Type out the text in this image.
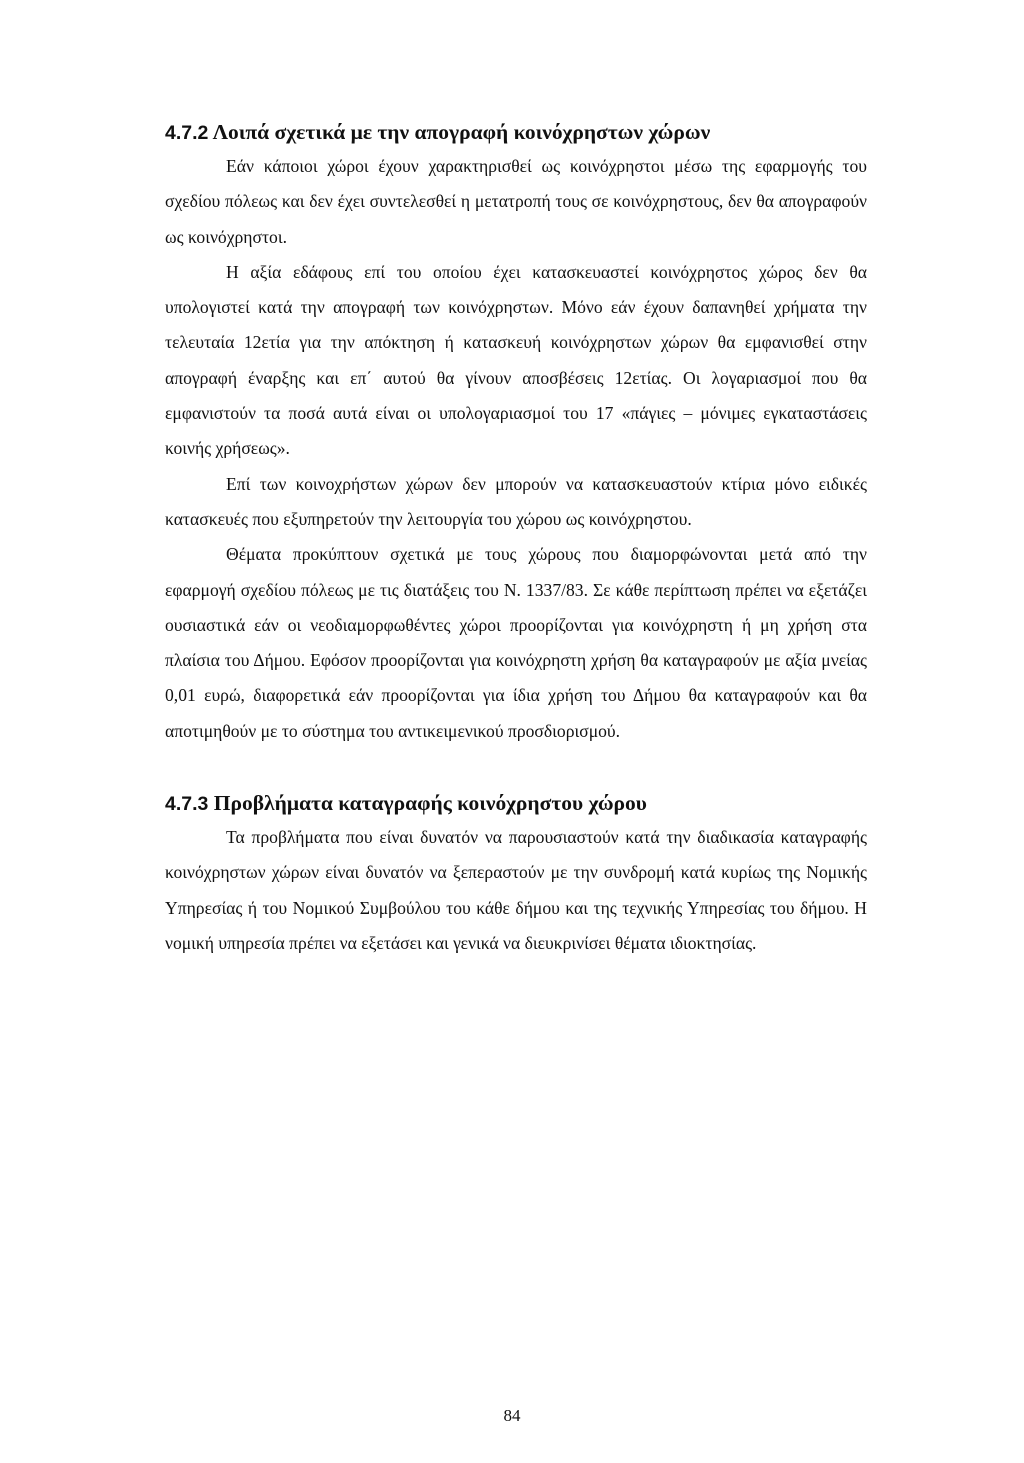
4.7.2 Λοιπά σχετικά με την απογραφή κοινόχρηστων χώρων

Εάν κάποιοι χώροι έχουν χαρακτηρισθεί ως κοινόχρηστοι μέσω της εφαρμογής του σχεδίου πόλεως και δεν έχει συντελεσθεί η μετατροπή τους σε κοινόχρηστους, δεν θα απογραφούν ως κοινόχρηστοι.

Η αξία εδάφους επί του οποίου έχει κατασκευαστεί κοινόχρηστος χώρος δεν θα υπολογιστεί κατά την απογραφή των κοινόχρηστων. Μόνο εάν έχουν δαπανηθεί χρήματα την τελευταία 12ετία για την απόκτηση ή κατασκευή κοινόχρηστων χώρων θα εμφανισθεί στην απογραφή έναρξης και επ΄ αυτού θα γίνουν αποσβέσεις 12ετίας. Οι λογαριασμοί που θα εμφανιστούν τα ποσά αυτά είναι οι υπολογαριασμοί του 17 «πάγιες – μόνιμες εγκαταστάσεις κοινής χρήσεως».

Επί των κοινοχρήστων χώρων δεν μπορούν να κατασκευαστούν κτίρια μόνο ειδικές κατασκευές που εξυπηρετούν την λειτουργία του χώρου ως κοινόχρηστου.

Θέματα προκύπτουν σχετικά με τους χώρους που διαμορφώνονται μετά από την εφαρμογή σχεδίου πόλεως με τις διατάξεις του Ν. 1337/83. Σε κάθε περίπτωση πρέπει να εξετάζει ουσιαστικά εάν οι νεοδιαμορφωθέντες χώροι προορίζονται για κοινόχρηστη ή μη χρήση στα πλαίσια του Δήμου. Εφόσον προορίζονται για κοινόχρηστη χρήση θα καταγραφούν με αξία μνείας 0,01 ευρώ, διαφορετικά εάν προορίζονται για ίδια χρήση του Δήμου θα καταγραφούν και θα αποτιμηθούν με το σύστημα του αντικειμενικού προσδιορισμού.

4.7.3 Προβλήματα καταγραφής κοινόχρηστου χώρου

Τα προβλήματα που είναι δυνατόν να παρουσιαστούν κατά την διαδικασία καταγραφής κοινόχρηστων χώρων είναι δυνατόν να ξεπεραστούν με την συνδρομή κατά κυρίως της Νομικής Υπηρεσίας ή του Νομικού Συμβούλου του κάθε δήμου και της τεχνικής Υπηρεσίας του δήμου. Η νομική υπηρεσία πρέπει να εξετάσει και γενικά να διευκρινίσει θέματα ιδιοκτησίας.

84
